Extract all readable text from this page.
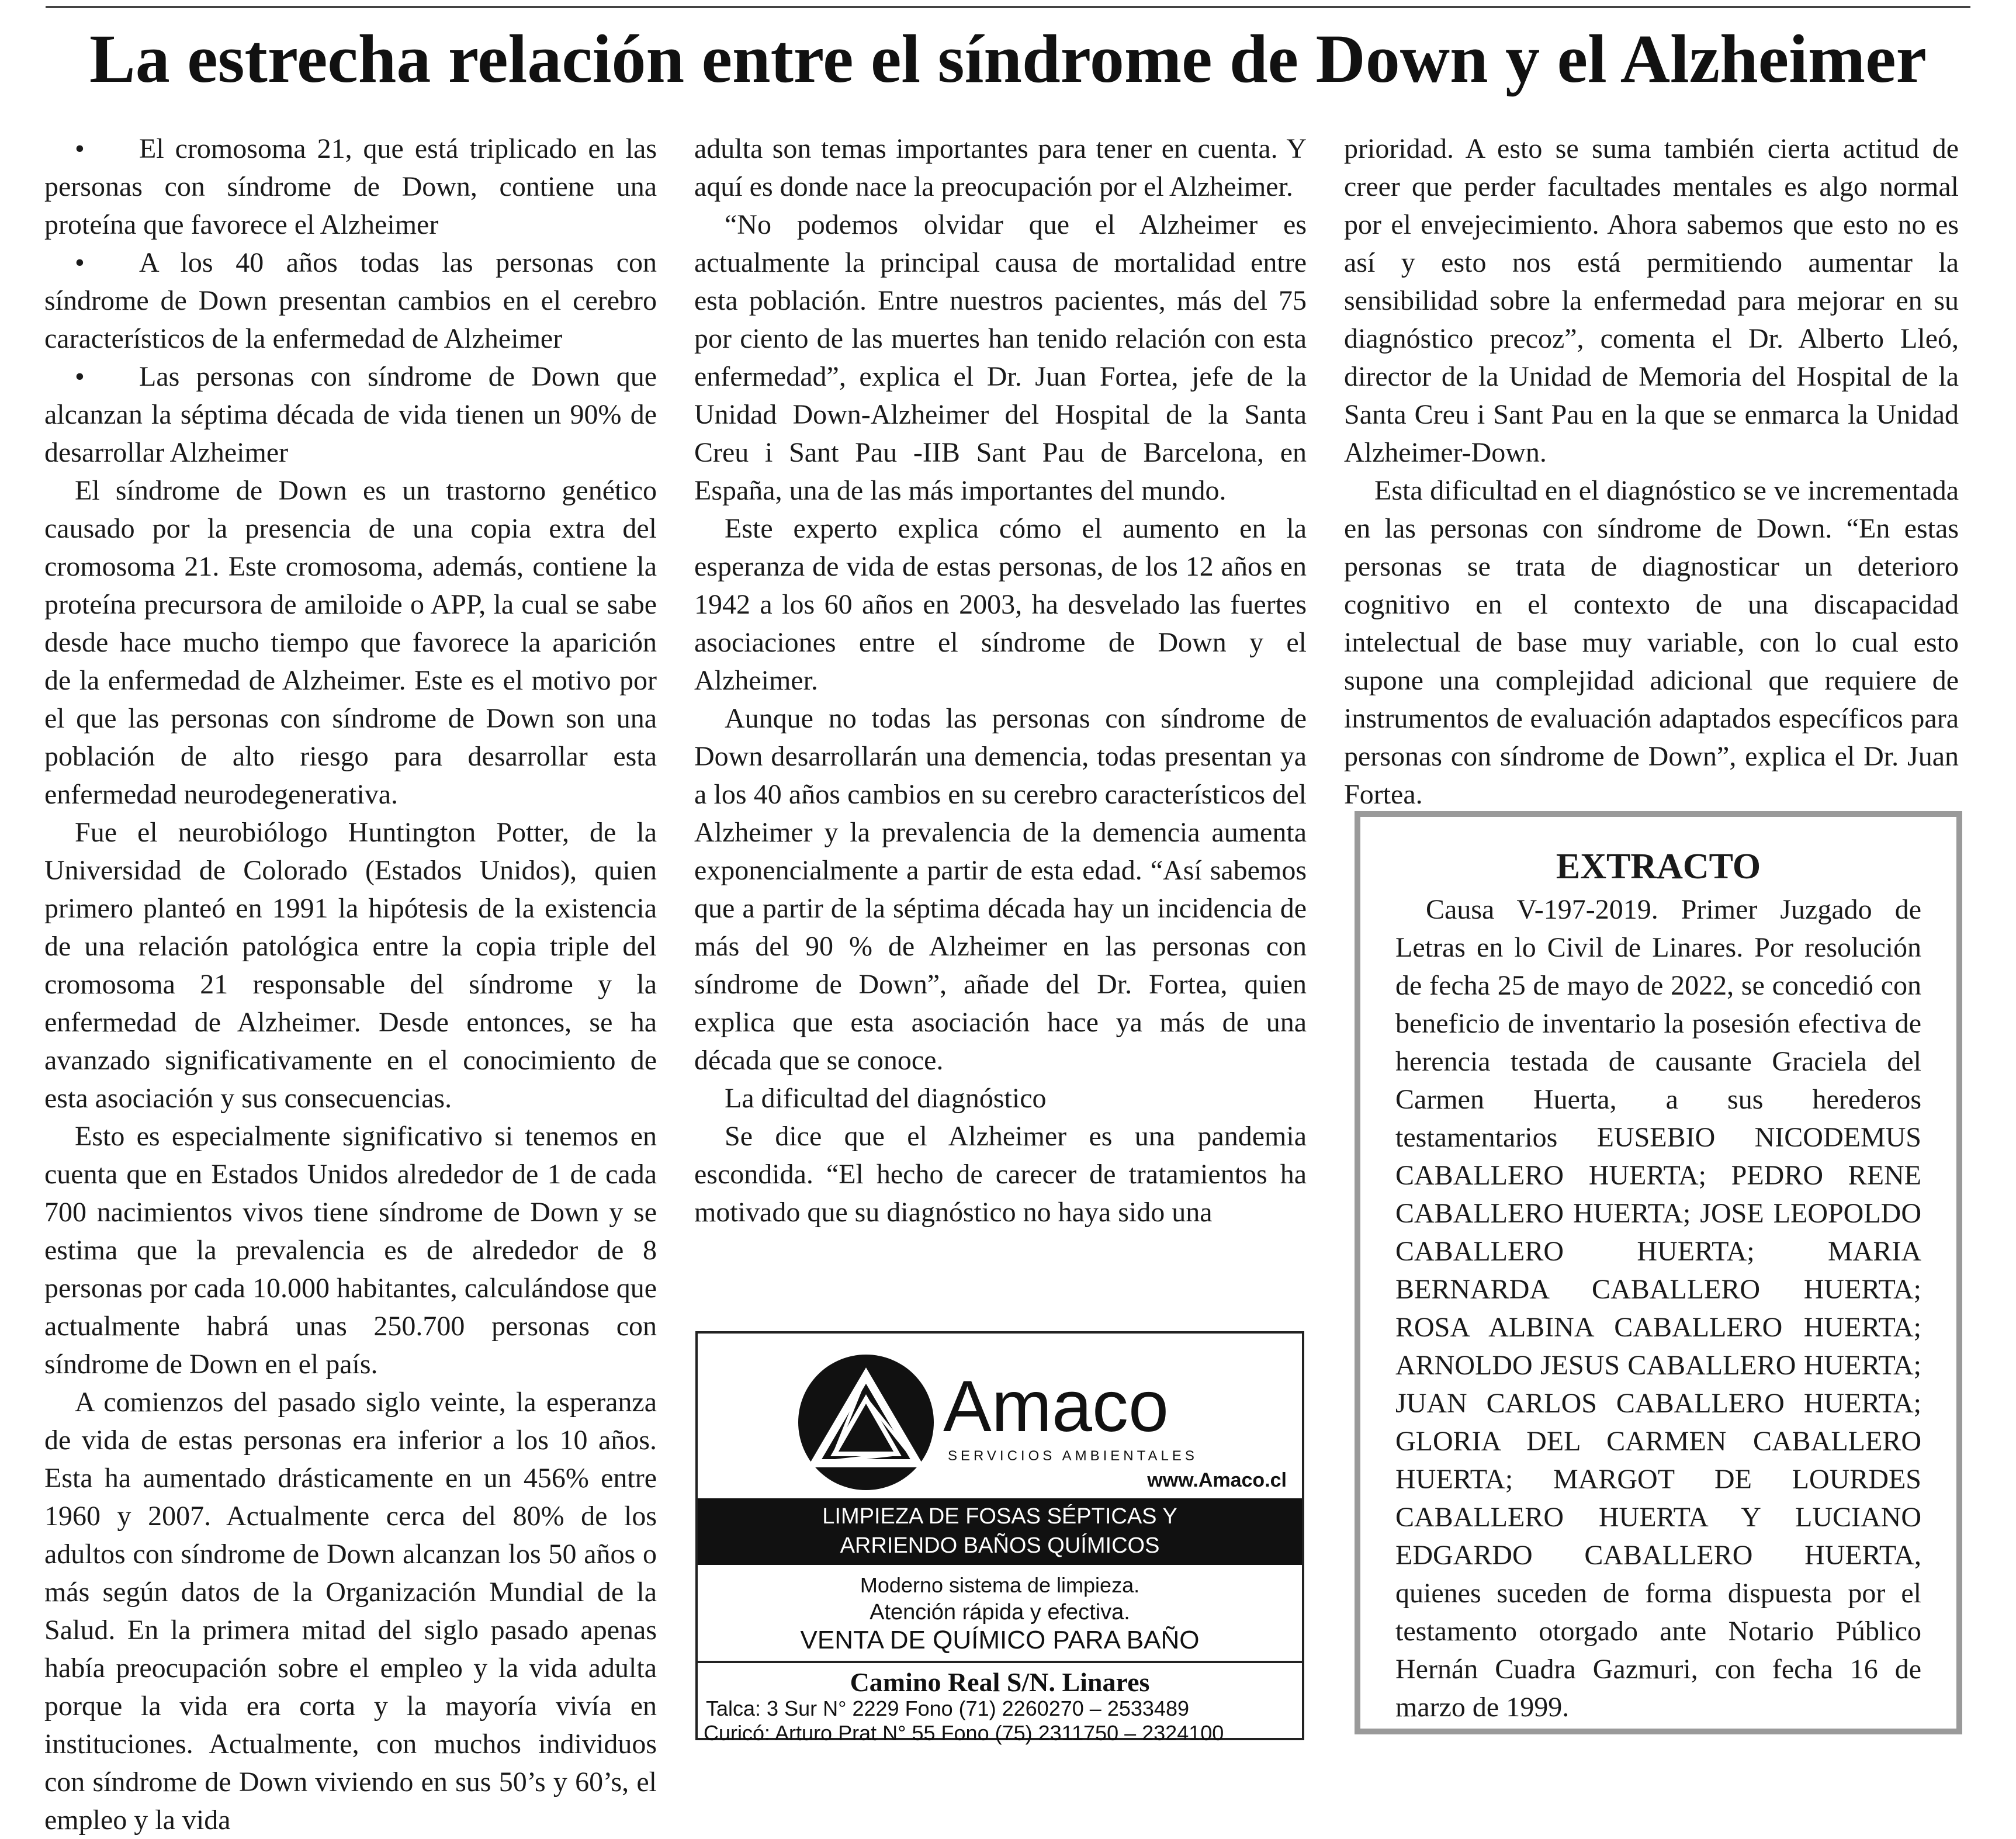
La estrecha relación entre el síndrome de Down y el Alzheimer
• El cromosoma 21, que está triplicado en las personas con síndrome de Down, contiene una proteína que favorece el Alzheimer
• A los 40 años todas las personas con síndrome de Down presentan cambios en el cerebro característicos de la enfermedad de Alzheimer
• Las personas con síndrome de Down que alcanzan la séptima década de vida tienen un 90% de desarrollar Alzheimer

El síndrome de Down es un trastorno genético causado por la presencia de una copia extra del cromosoma 21. Este cromosoma, además, contiene la proteína precursora de amiloide o APP, la cual se sabe desde hace mucho tiempo que favorece la aparición de la enfermedad de Alzheimer. Este es el motivo por el que las personas con síndrome de Down son una población de alto riesgo para desarrollar esta enfermedad neurodegenerativa.

Fue el neurobiólogo Huntington Potter, de la Universidad de Colorado (Estados Unidos), quien primero planteó en 1991 la hipótesis de la existencia de una relación patológica entre la copia triple del cromosoma 21 responsable del síndrome y la enfermedad de Alzheimer. Desde entonces, se ha avanzado significativamente en el conocimiento de esta asociación y sus consecuencias.

Esto es especialmente significativo si tenemos en cuenta que en Estados Unidos alrededor de 1 de cada 700 nacimientos vivos tiene síndrome de Down y se estima que la prevalencia es de alrededor de 8 personas por cada 10.000 habitantes, calculándose que actualmente habrá unas 250.700 personas con síndrome de Down en el país.

A comienzos del pasado siglo veinte, la esperanza de vida de estas personas era inferior a los 10 años. Esta ha aumentado drásticamente en un 456% entre 1960 y 2007. Actualmente cerca del 80% de los adultos con síndrome de Down alcanzan los 50 años o más según datos de la Organización Mundial de la Salud. En la primera mitad del siglo pasado apenas había preocupación sobre el empleo y la vida adulta porque la vida era corta y la mayoría vivía en instituciones. Actualmente, con muchos individuos con síndrome de Down viviendo en sus 50’s y 60’s, el empleo y la vida

adulta son temas importantes para tener en cuenta. Y aquí es donde nace la preocupación por el Alzheimer.

“No podemos olvidar que el Alzheimer es actualmente la principal causa de mortalidad entre esta población. Entre nuestros pacientes, más del 75 por ciento de las muertes han tenido relación con esta enfermedad”, explica el Dr. Juan Fortea, jefe de la Unidad Down-Alzheimer del Hospital de la Santa Creu i Sant Pau -IIB Sant Pau de Barcelona, en España, una de las más importantes del mundo.

Este experto explica cómo el aumento en la esperanza de vida de estas personas, de los 12 años en 1942 a los 60 años en 2003, ha desvelado las fuertes asociaciones entre el síndrome de Down y el Alzheimer.

Aunque no todas las personas con síndrome de Down desarrollarán una demencia, todas presentan ya a los 40 años cambios en su cerebro característicos del Alzheimer y la prevalencia de la demencia aumenta exponencialmente a partir de esta edad. “Así sabemos que a partir de la séptima década hay un incidencia de más del 90 % de Alzheimer en las personas con síndrome de Down”, añade del Dr. Fortea, quien explica que esta asociación hace ya más de una década que se conoce.

La dificultad del diagnóstico

Se dice que el Alzheimer es una pandemia escondida. “El hecho de carecer de tratamientos ha motivado que su diagnóstico no haya sido una

prioridad. A esto se suma también cierta actitud de creer que perder facultades mentales es algo normal por el envejecimiento. Ahora sabemos que esto no es así y esto nos está permitiendo aumentar la sensibilidad sobre la enfermedad para mejorar en su diagnóstico precoz”, comenta el Dr. Alberto Lleó, director de la Unidad de Memoria del Hospital de la Santa Creu i Sant Pau en la que se enmarca la Unidad Alzheimer-Down.

Esta dificultad en el diagnóstico se ve incrementada en las personas con síndrome de Down. “En estas personas se trata de diagnosticar un deterioro cognitivo en el contexto de una discapacidad intelectual de base muy variable, con lo cual esto supone una complejidad adicional que requiere de instrumentos de evaluación adaptados específicos para personas con síndrome de Down”, explica el Dr. Juan Fortea.

Amaco
SERVICIOS AMBIENTALES
www.Amaco.cl
LIMPIEZA DE FOSAS SÉPTICAS Y
ARRIENDO BAÑOS QUÍMICOS
Moderno sistema de limpieza.
Atención rápida y efectiva.
VENTA DE QUÍMICO PARA BAÑO
Camino Real S/N. Linares
Talca: 3 Sur N° 2229 Fono (71) 2260270 – 2533489
Curicó: Arturo Prat N° 55 Fono (75) 2311750 – 2324100
EXTRACTO
Causa V-197-2019. Primer Juzgado de Letras en lo Civil de Linares. Por resolución de fecha 25 de mayo de 2022, se concedió con beneficio de inventario la posesión efectiva de herencia testada de causante Graciela del Carmen Huerta, a sus herederos testamentarios EUSEBIO NICODEMUS CABALLERO HUERTA; PEDRO RENE CABALLERO HUERTA; JOSE LEOPOLDO CABALLERO HUERTA; MARIA BERNARDA CABALLERO HUERTA; ROSA ALBINA CABALLERO HUERTA; ARNOLDO JESUS CABALLERO HUERTA; JUAN CARLOS CABALLERO HUERTA; GLORIA DEL CARMEN CABALLERO HUERTA; MARGOT DE LOURDES CABALLERO HUERTA Y LUCIANO EDGARDO CABALLERO HUERTA, quienes suceden de forma dispuesta por el testamento otorgado ante Notario Público Hernán Cuadra Gazmuri, con fecha 16 de marzo de 1999.
